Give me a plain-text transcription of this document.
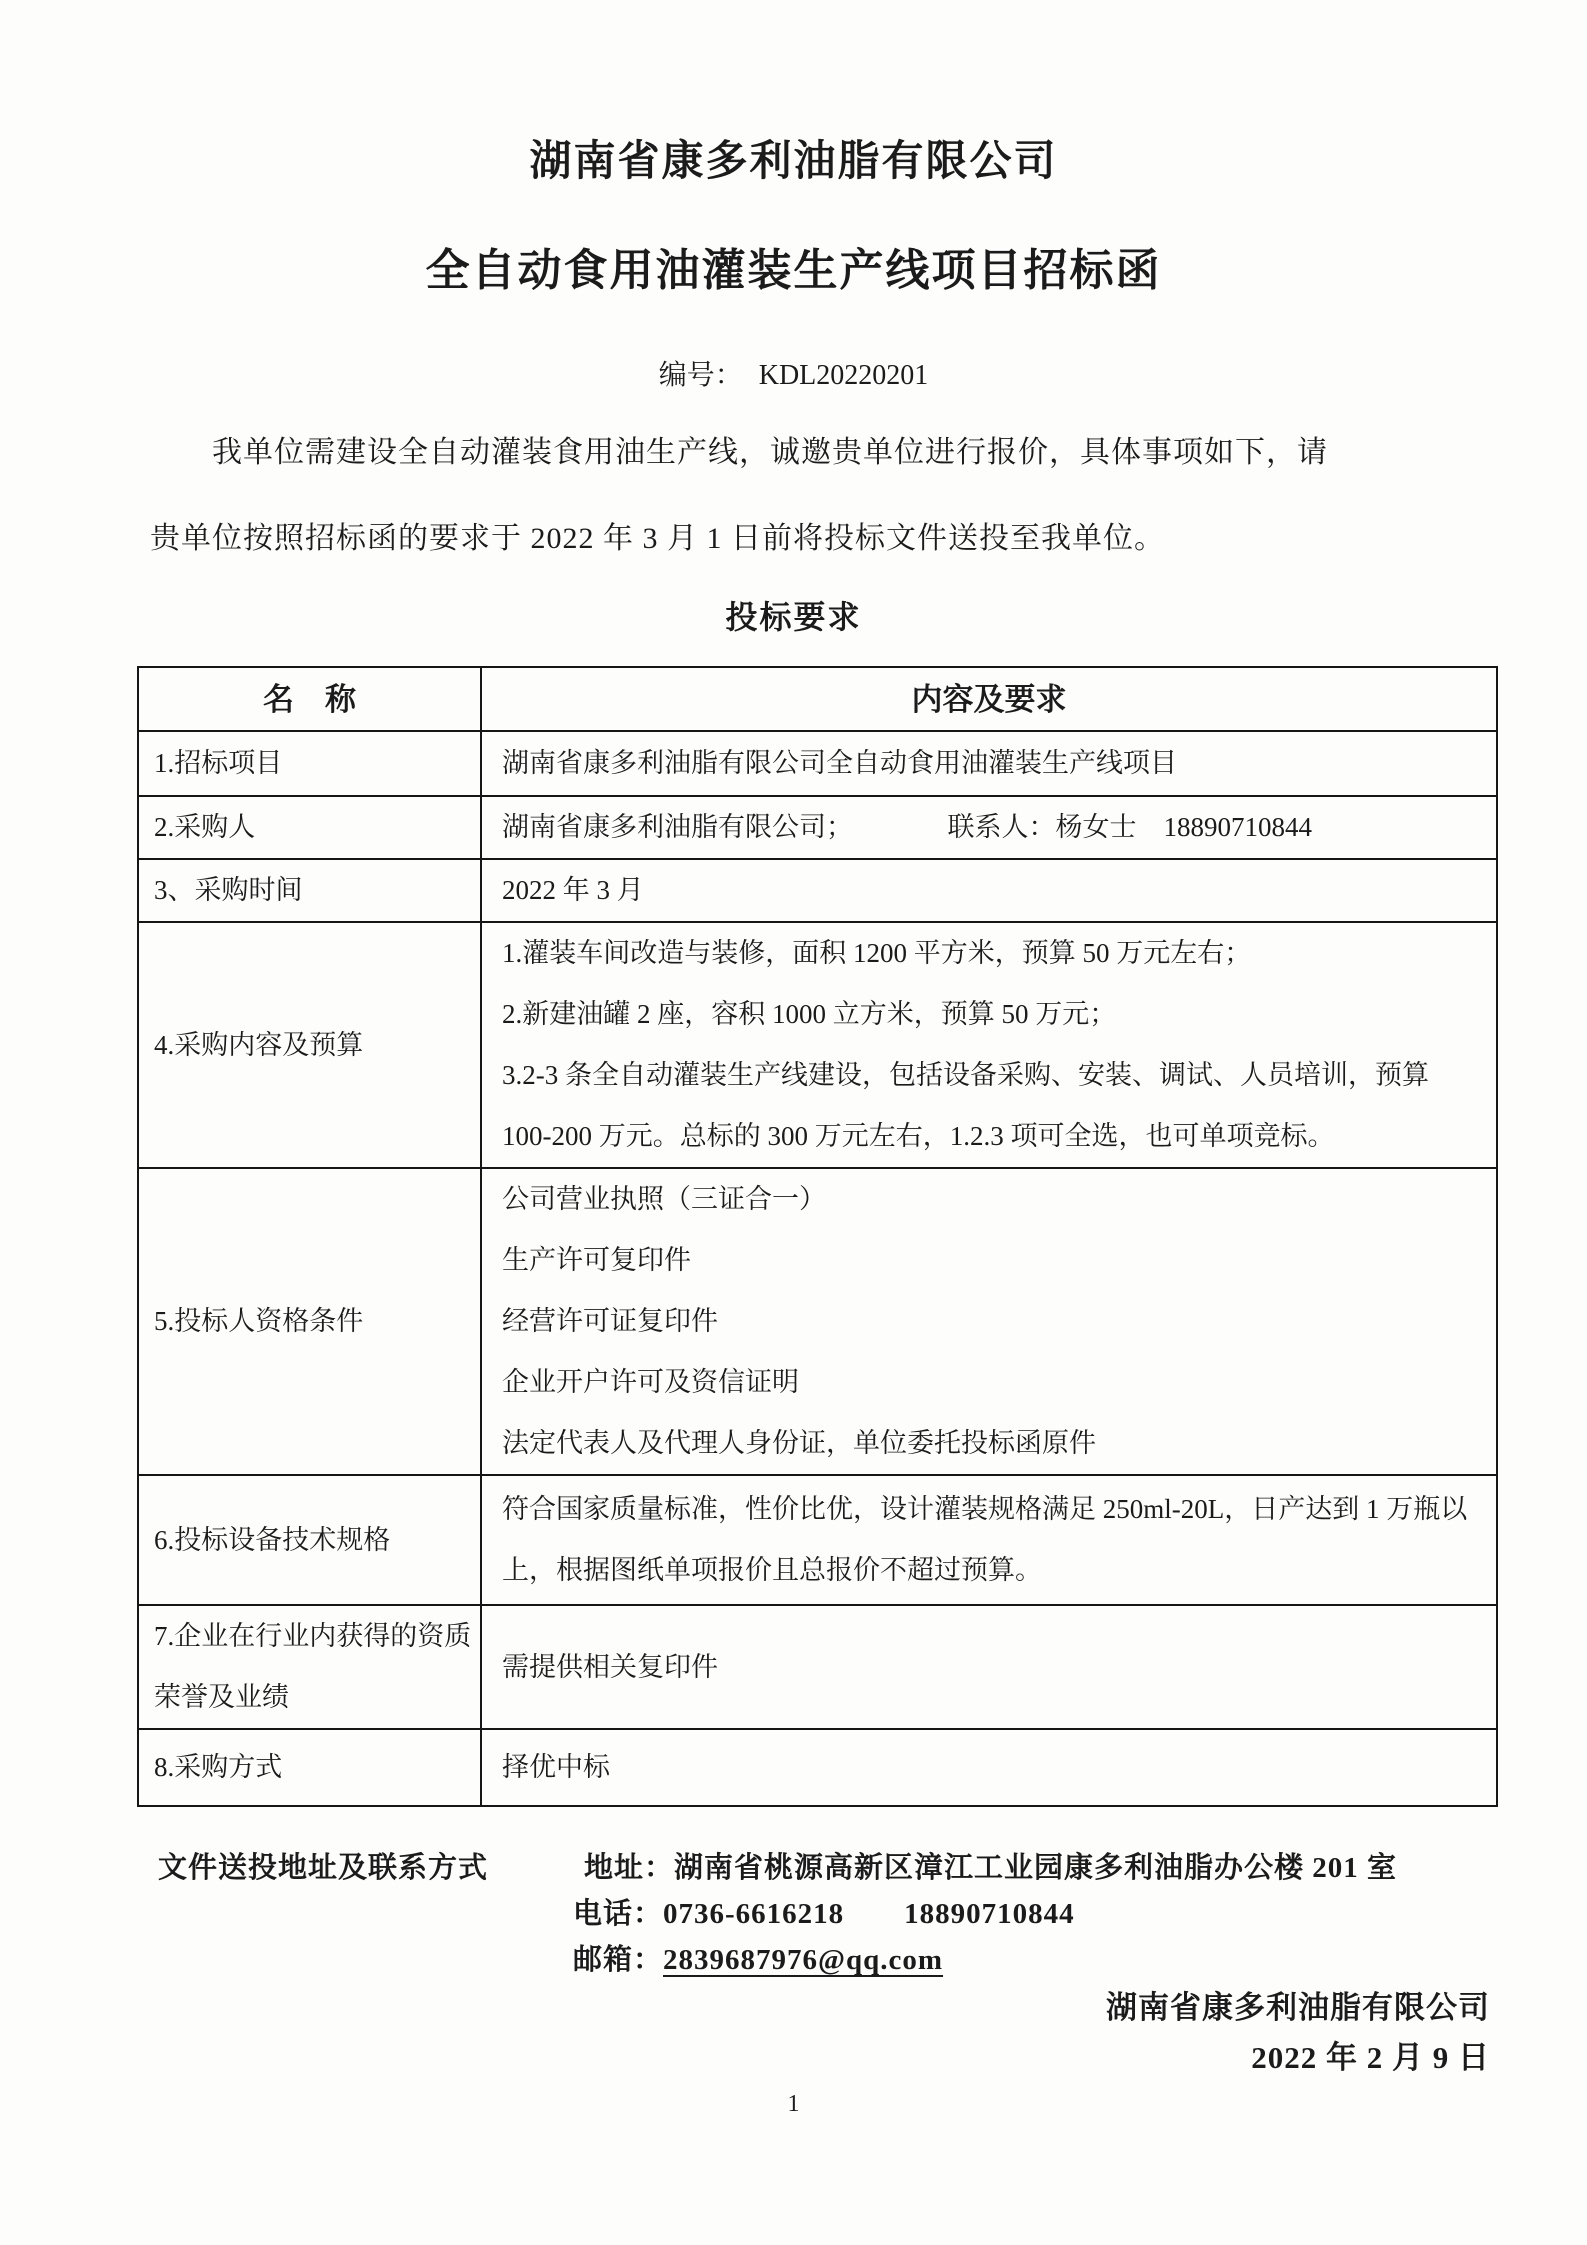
湖南省康多利油脂有限公司
全自动食用油灌装生产线项目招标函
编号： KDL20220201

我单位需建设全自动灌装食用油生产线，诚邀贵单位进行报价，具体事项如下，请

贵单位按照招标函的要求于 2022 年 3 月 1 日前将投标文件送投至我单位。

投标要求
名　称	内容及要求
1.招标项目	湖南省康多利油脂有限公司全自动食用油灌装生产线项目
2.采购人	湖南省康多利油脂有限公司；　　　　联系人：杨女士　18890710844
3、采购时间	2022 年 3 月
4.采购内容及预算	1.灌装车间改造与装修，面积 1200 平方米，预算 50 万元左右；
2.新建油罐 2 座，容积 1000 立方米，预算 50 万元；
3.2-3 条全自动灌装生产线建设，包括设备采购、安装、调试、人员培训，预算
100-200 万元。总标的 300 万元左右，1.2.3 项可全选，也可单项竞标。

5.投标人资格条件	公司营业执照（三证合一）
生产许可复印件
经营许可证复印件
企业开户许可及资信证明
法定代表人及代理人身份证，单位委托投标函原件

6.投标设备技术规格	符合国家质量标准，性价比优，设计灌装规格满足 250ml-20L，日产达到 1 万瓶以
上，根据图纸单项报价且总报价不超过预算。

7.企业在行业内获得的资质荣誉及业绩	需提供相关复印件
8.采购方式	择优中标
文件送投地址及联系方式	地址：湖南省桃源高新区漳江工业园康多利油脂办公楼 201 室
电话：0736-6616218　　18890710844
邮箱：2839687976@qq.com
湖南省康多利油脂有限公司
2022 年 2 月 9 日
1
